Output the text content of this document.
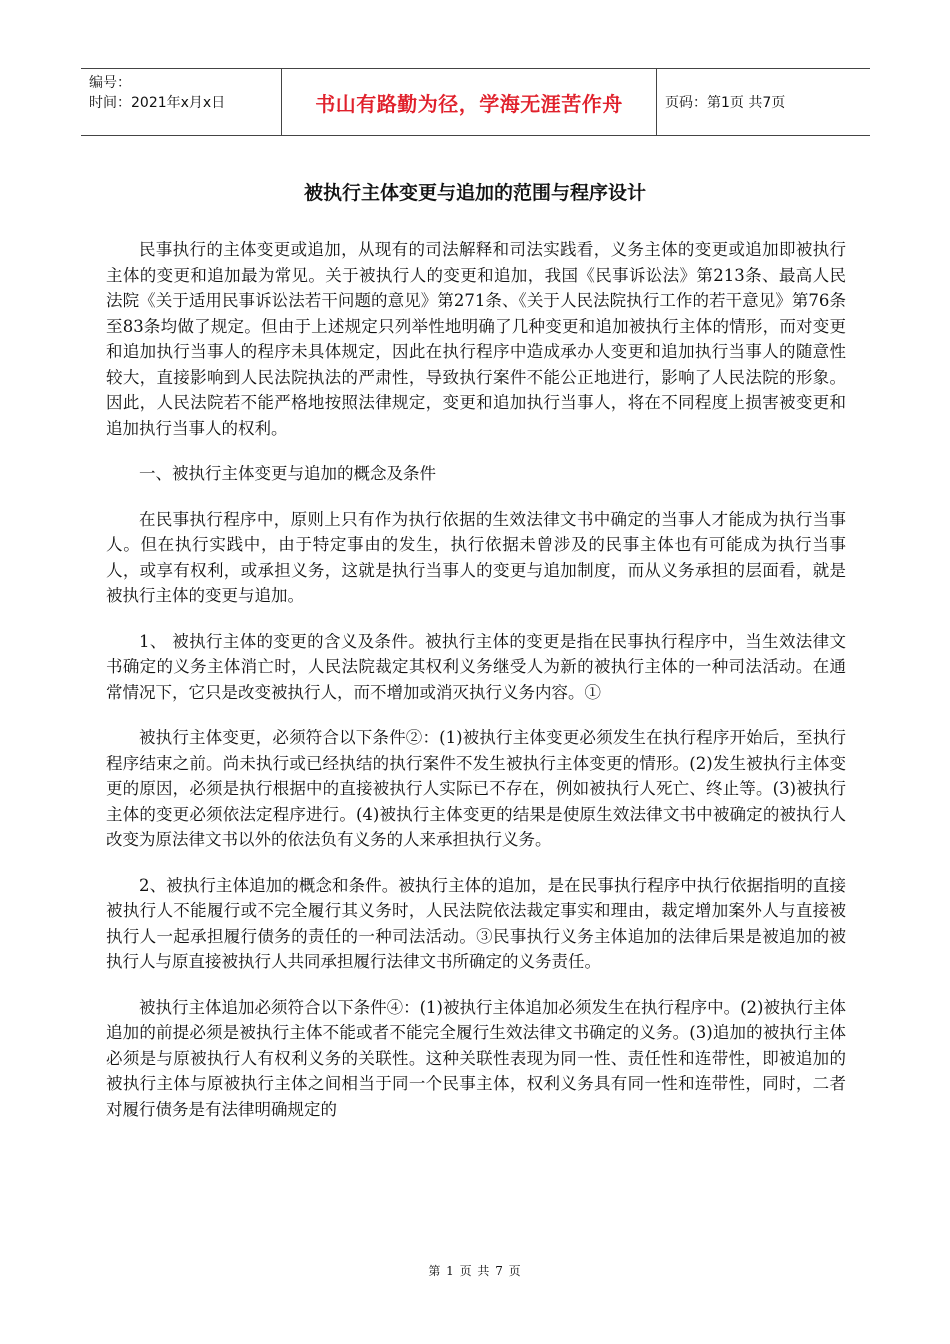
编号：
时间：2021年x月x日	书山有路勤为径，学海无涯苦作舟	页码：第1页 共7页
被执行主体变更与追加的范围与程序设计

民事执行的主体变更或追加，从现有的司法解释和司法实践看，义务主体的变更或追加即被执行主体的变更和追加最为常见。关于被执行人的变更和追加，我国《民事诉讼法》第213条、最高人民法院《关于适用民事诉讼法若干问题的意见》第271条、《关于人民法院执行工作的若干意见》第76条至83条均做了规定。但由于上述规定只列举性地明确了几种变更和追加被执行主体的情形，而对变更和追加执行当事人的程序未具体规定，因此在执行程序中造成承办人变更和追加执行当事人的随意性较大，直接影响到人民法院执法的严肃性，导致执行案件不能公正地进行，影响了人民法院的形象。因此，人民法院若不能严格地按照法律规定，变更和追加执行当事人，将在不同程度上损害被变更和追加执行当事人的权利。

一、被执行主体变更与追加的概念及条件

在民事执行程序中，原则上只有作为执行依据的生效法律文书中确定的当事人才能成为执行当事人。但在执行实践中，由于特定事由的发生，执行依据未曾涉及的民事主体也有可能成为执行当事人，或享有权利，或承担义务，这就是执行当事人的变更与追加制度，而从义务承担的层面看，就是被执行主体的变更与追加。

1、 被执行主体的变更的含义及条件。被执行主体的变更是指在民事执行程序中，当生效法律文书确定的义务主体消亡时，人民法院裁定其权利义务继受人为新的被执行主体的一种司法活动。在通常情况下，它只是改变被执行人，而不增加或消灭执行义务内容。①

被执行主体变更，必须符合以下条件②：(1)被执行主体变更必须发生在执行程序开始后，至执行程序结束之前。尚未执行或已经执结的执行案件不发生被执行主体变更的情形。(2)发生被执行主体变更的原因，必须是执行根据中的直接被执行人实际已不存在，例如被执行人死亡、终止等。(3)被执行主体的变更必须依法定程序进行。(4)被执行主体变更的结果是使原生效法律文书中被确定的被执行人改变为原法律文书以外的依法负有义务的人来承担执行义务。

2、被执行主体追加的概念和条件。被执行主体的追加，是在民事执行程序中执行依据指明的直接被执行人不能履行或不完全履行其义务时，人民法院依法裁定事实和理由，裁定增加案外人与直接被执行人一起承担履行债务的责任的一种司法活动。③民事执行义务主体追加的法律后果是被追加的被执行人与原直接被执行人共同承担履行法律文书所确定的义务责任。

被执行主体追加必须符合以下条件④：(1)被执行主体追加必须发生在执行程序中。(2)被执行主体追加的前提必须是被执行主体不能或者不能完全履行生效法律文书确定的义务。(3)追加的被执行主体必须是与原被执行人有权利义务的关联性。这种关联性表现为同一性、责任性和连带性，即被追加的被执行主体与原被执行主体之间相当于同一个民事主体，权利义务具有同一性和连带性，同时，二者对履行债务是有法律明确规定的

第 1 页 共 7 页
